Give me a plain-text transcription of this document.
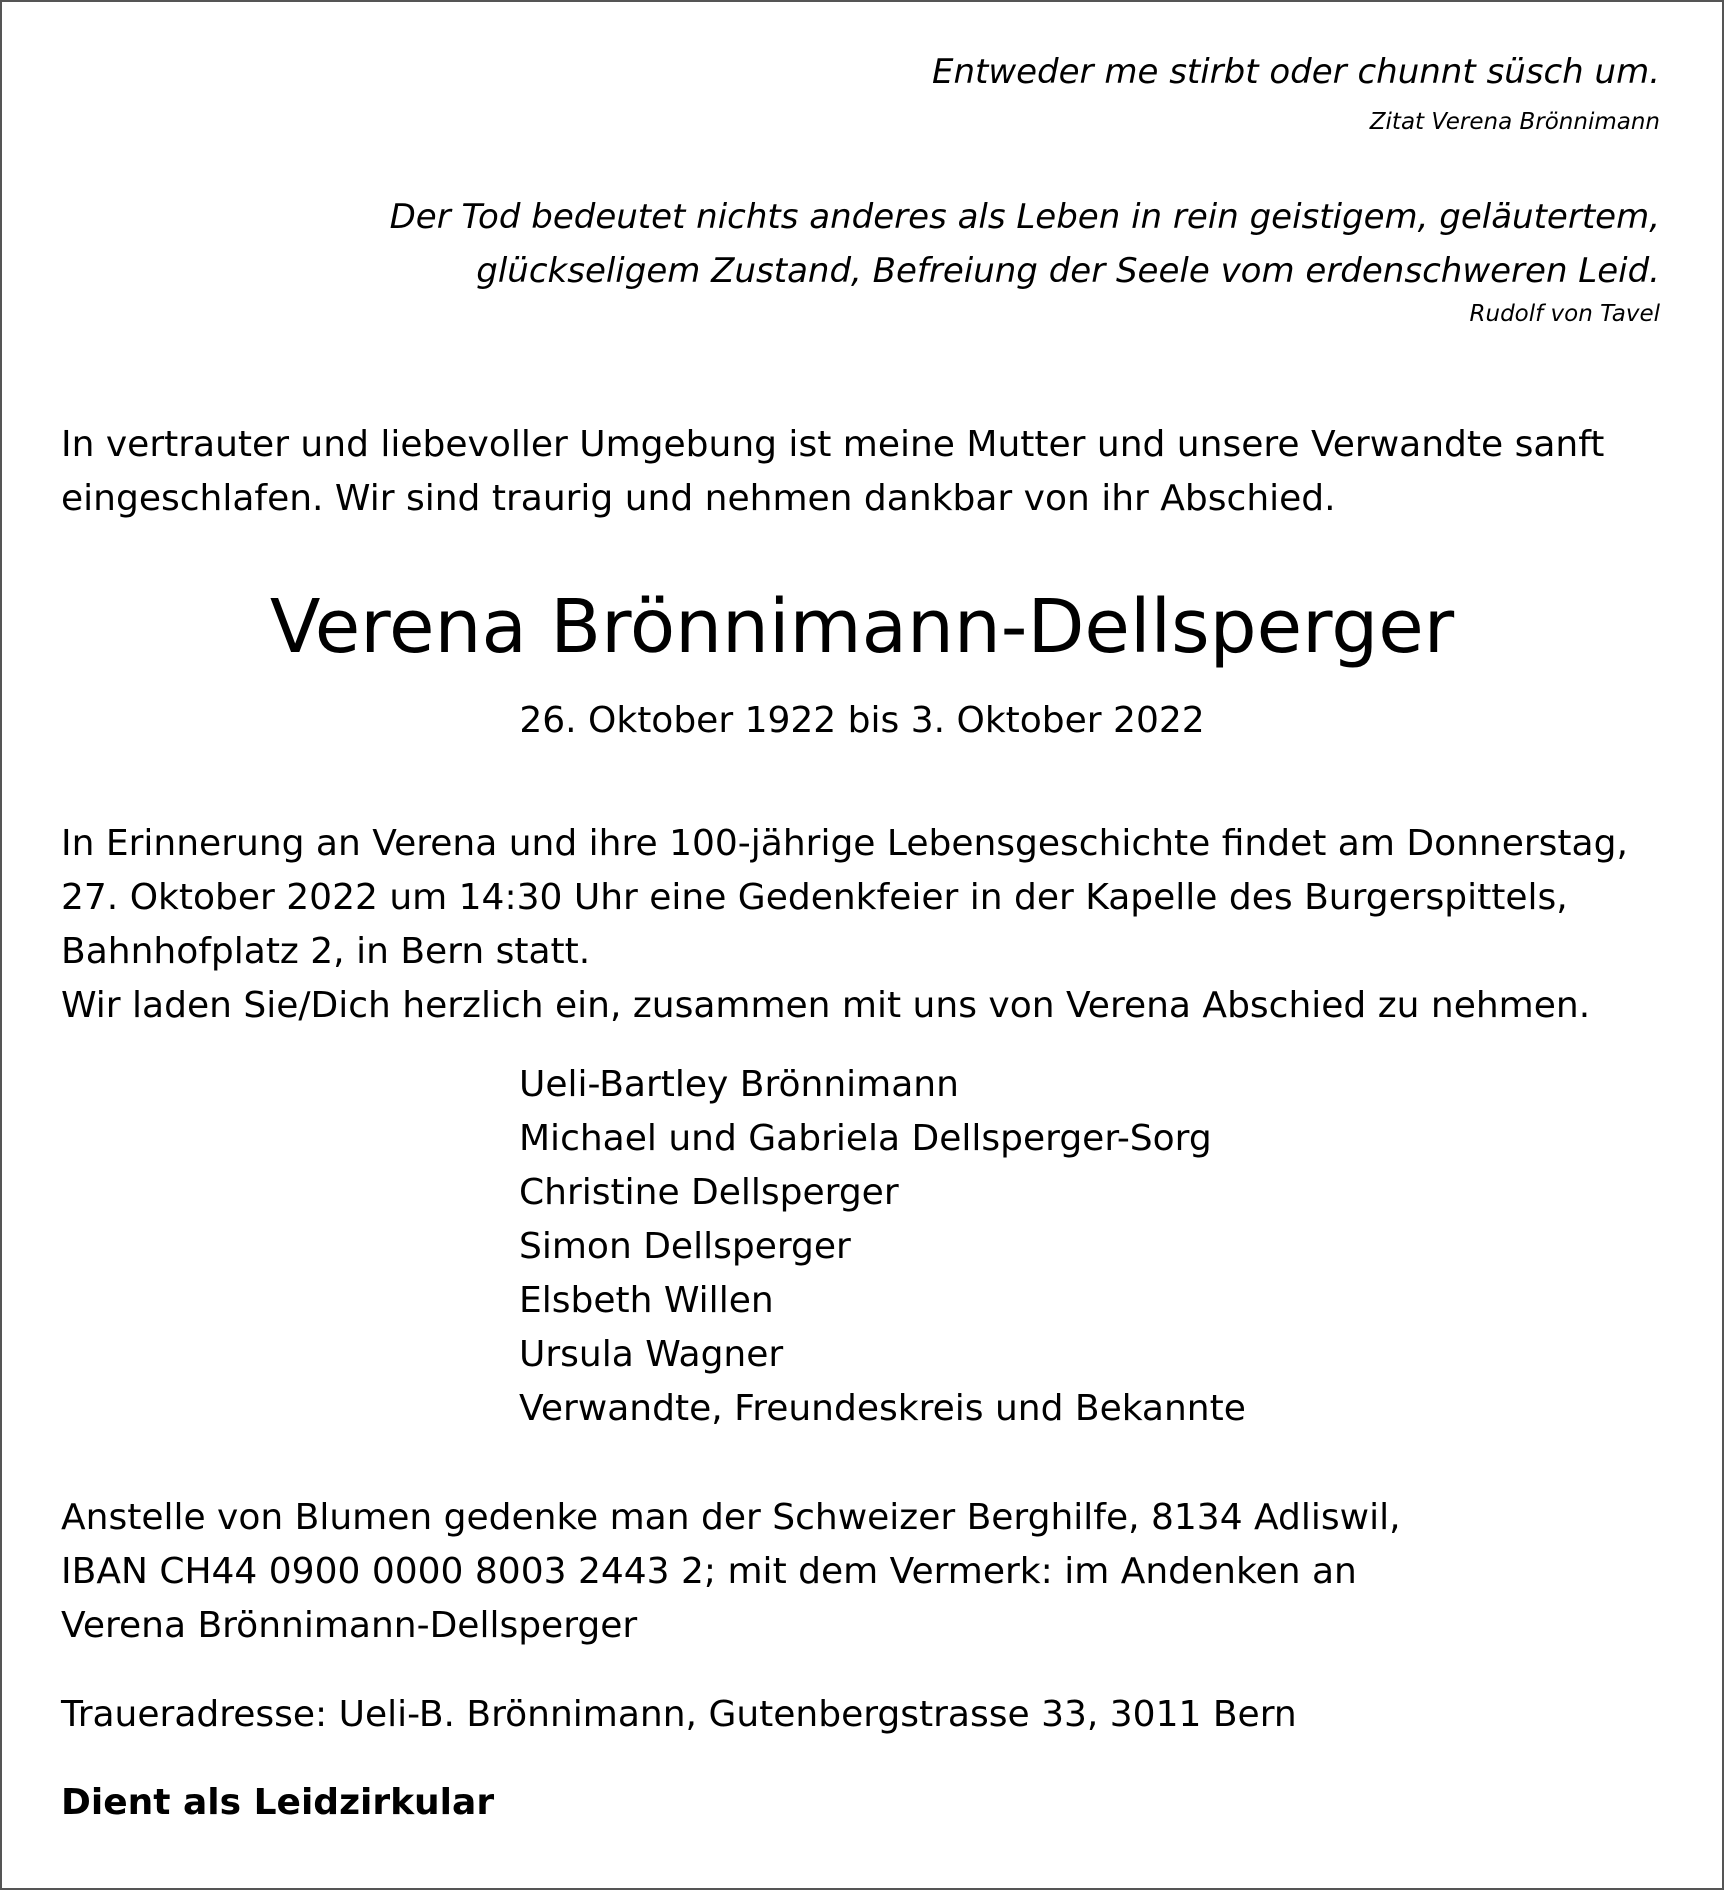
Entweder me stirbt oder chunnt süsch um.
Zitat Verena Brönnimann
Der Tod bedeutet nichts anderes als Leben in rein geistigem, geläutertem,
glückseligem Zustand, Befreiung der Seele vom erdenschweren Leid.
Rudolf von Tavel
In vertrauter und liebevoller Umgebung ist meine Mutter und unsere Verwandte sanft
eingeschlafen. Wir sind traurig und nehmen dankbar von ihr Abschied.
Verena Brönnimann-Dellsperger
26. Oktober 1922 bis 3. Oktober 2022
In Erinnerung an Verena und ihre 100-jährige Lebensgeschichte findet am Donnerstag,
27. Oktober 2022 um 14:30 Uhr eine Gedenkfeier in der Kapelle des Burgerspittels,
Bahnhofplatz 2, in Bern statt.
Wir laden Sie/Dich herzlich ein, zusammen mit uns von Verena Abschied zu nehmen.
Ueli-Bartley Brönnimann
Michael und Gabriela Dellsperger-Sorg
Christine Dellsperger
Simon Dellsperger
Elsbeth Willen
Ursula Wagner
Verwandte, Freundeskreis und Bekannte
Anstelle von Blumen gedenke man der Schweizer Berghilfe, 8134 Adliswil,
IBAN CH44 0900 0000 8003 2443 2; mit dem Vermerk: im Andenken an
Verena Brönnimann-Dellsperger
Traueradresse: Ueli-B. Brönnimann, Gutenbergstrasse 33, 3011 Bern
Dient als Leidzirkular
